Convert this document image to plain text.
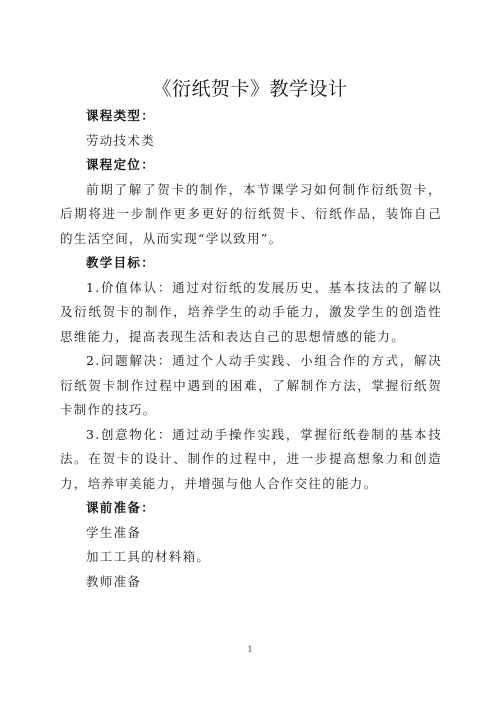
《衍纸贺卡》教学设计

课程类型：

劳动技术类

课程定位：

前期了解了贺卡的制作，本节课学习如何制作衍纸贺卡，后期将进一步制作更多更好的衍纸贺卡、衍纸作品，装饰自己的生活空间，从而实现“学以致用”。

教学目标：

1.价值体认：通过对衍纸的发展历史、基本技法的了解以及衍纸贺卡的制作，培养学生的动手能力，激发学生的创造性思维能力，提高表现生活和表达自己的思想情感的能力。

2.问题解决：通过个人动手实践、小组合作的方式，解决衍纸贺卡制作过程中遇到的困难，了解制作方法，掌握衍纸贺卡制作的技巧。

3.创意物化：通过动手操作实践，掌握衍纸卷制的基本技法。在贺卡的设计、制作的过程中，进一步提高想象力和创造力，培养审美能力，并增强与他人合作交往的能力。

课前准备：

学生准备

加工工具的材料箱。

教师准备

1
